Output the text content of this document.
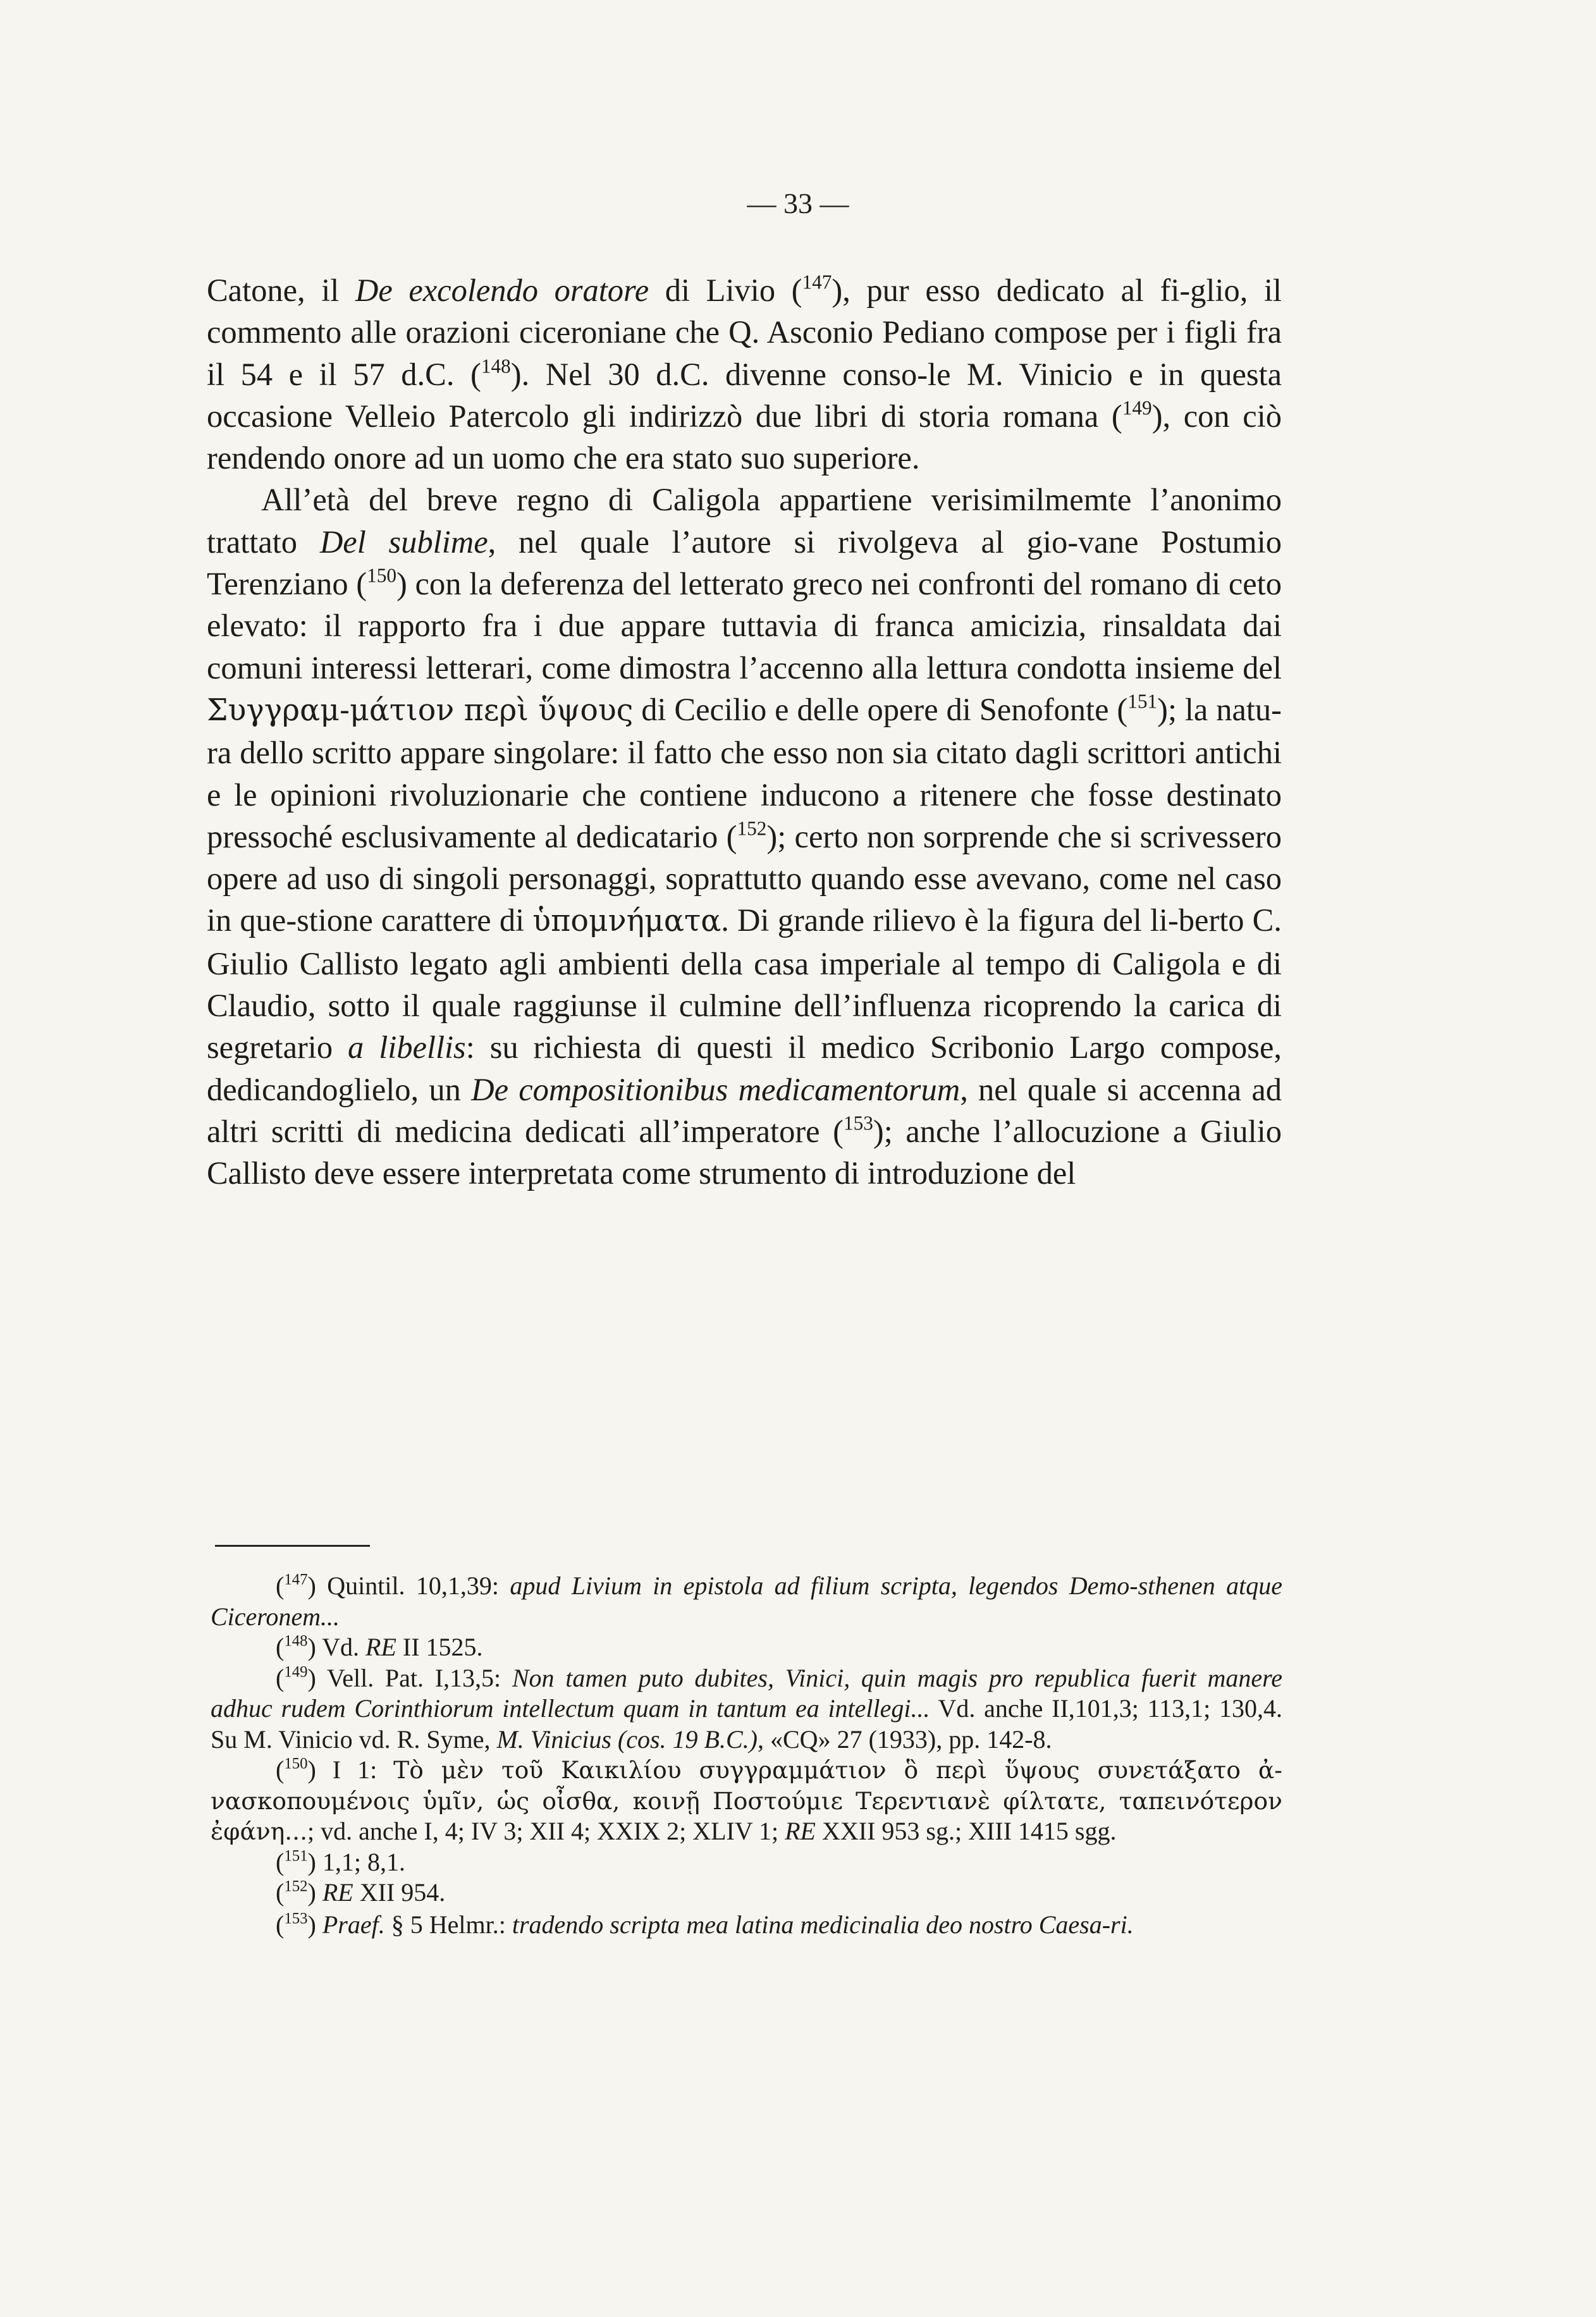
— 33 —

Catone, il De excolendo oratore di Livio ($^{147}$), pur esso dedicato al fi-glio, il commento alle orazioni ciceroniane che Q. Asconio Pediano compose per i figli fra il 54 e il 57 d.C. ($^{148}$). Nel 30 d.C. divenne conso-le M. Vinicio e in questa occasione Velleio Patercolo gli indirizzò due libri di storia romana ($^{149}$), con ciò rendendo onore ad un uomo che era stato suo superiore.

All’età del breve regno di Caligola appartiene verisimilmemte l’anonimo trattato Del sublime, nel quale l’autore si rivolgeva al gio-vane Postumio Terenziano ($^{150}$) con la deferenza del letterato greco nei confronti del romano di ceto elevato: il rapporto fra i due appare tuttavia di franca amicizia, rinsaldata dai comuni interessi letterari, come dimostra l’accenno alla lettura condotta insieme del Συγγραμ-μάτιον περὶ ὕψους di Cecilio e delle opere di Senofonte ($^{151}$); la natu-ra dello scritto appare singolare: il fatto che esso non sia citato dagli scrittori antichi e le opinioni rivoluzionarie che contiene inducono a ritenere che fosse destinato pressoché esclusivamente al dedicatario ($^{152}$); certo non sorprende che si scrivessero opere ad uso di singoli personaggi, soprattutto quando esse avevano, come nel caso in que-stione carattere di ὑπομνήματα. Di grande rilievo è la figura del li-berto C. Giulio Callisto legato agli ambienti della casa imperiale al tempo di Caligola e di Claudio, sotto il quale raggiunse il culmine dell’influenza ricoprendo la carica di segretario a libellis: su richiesta di questi il medico Scribonio Largo compose, dedicandoglielo, un De compositionibus medicamentorum, nel quale si accenna ad altri scritti di medicina dedicati all’imperatore ($^{153}$); anche l’allocuzione a Giulio Callisto deve essere interpretata come strumento di introduzione del

($^{147}$) Quintil. 10,1,39: apud Livium in epistola ad filium scripta, legendos Demo-sthenen atque Ciceronem...

($^{148}$) Vd. RE II 1525.

($^{149}$) Vell. Pat. I,13,5: Non tamen puto dubites, Vinici, quin magis pro republica fuerit manere adhuc rudem Corinthiorum intellectum quam in tantum ea intellegi... Vd. anche II,101,3; 113,1; 130,4. Su M. Vinicio vd. R. Syme, M. Vinicius (cos. 19 B.C.), «CQ» 27 (1933), pp. 142-8.

($^{150}$) I 1: Τὸ μὲν τοῦ Καικιλίου συγγραμμάτιον ὃ περὶ ὕψους συνετάξατο ἀ-νασκοπουμένοις ὑμῖν, ὡς οἶσθα, κοινῇ Ποστούμιε Τερεντιανὲ φίλτατε, ταπεινότερον ἐφάνη...; vd. anche I, 4; IV 3; XII 4; XXIX 2; XLIV 1; RE XXII 953 sg.; XIII 1415 sgg.

($^{151}$) 1,1; 8,1.

($^{152}$) RE XII 954.

($^{153}$) Praef. § 5 Helmr.: tradendo scripta mea latina medicinalia deo nostro Caesa-ri.
